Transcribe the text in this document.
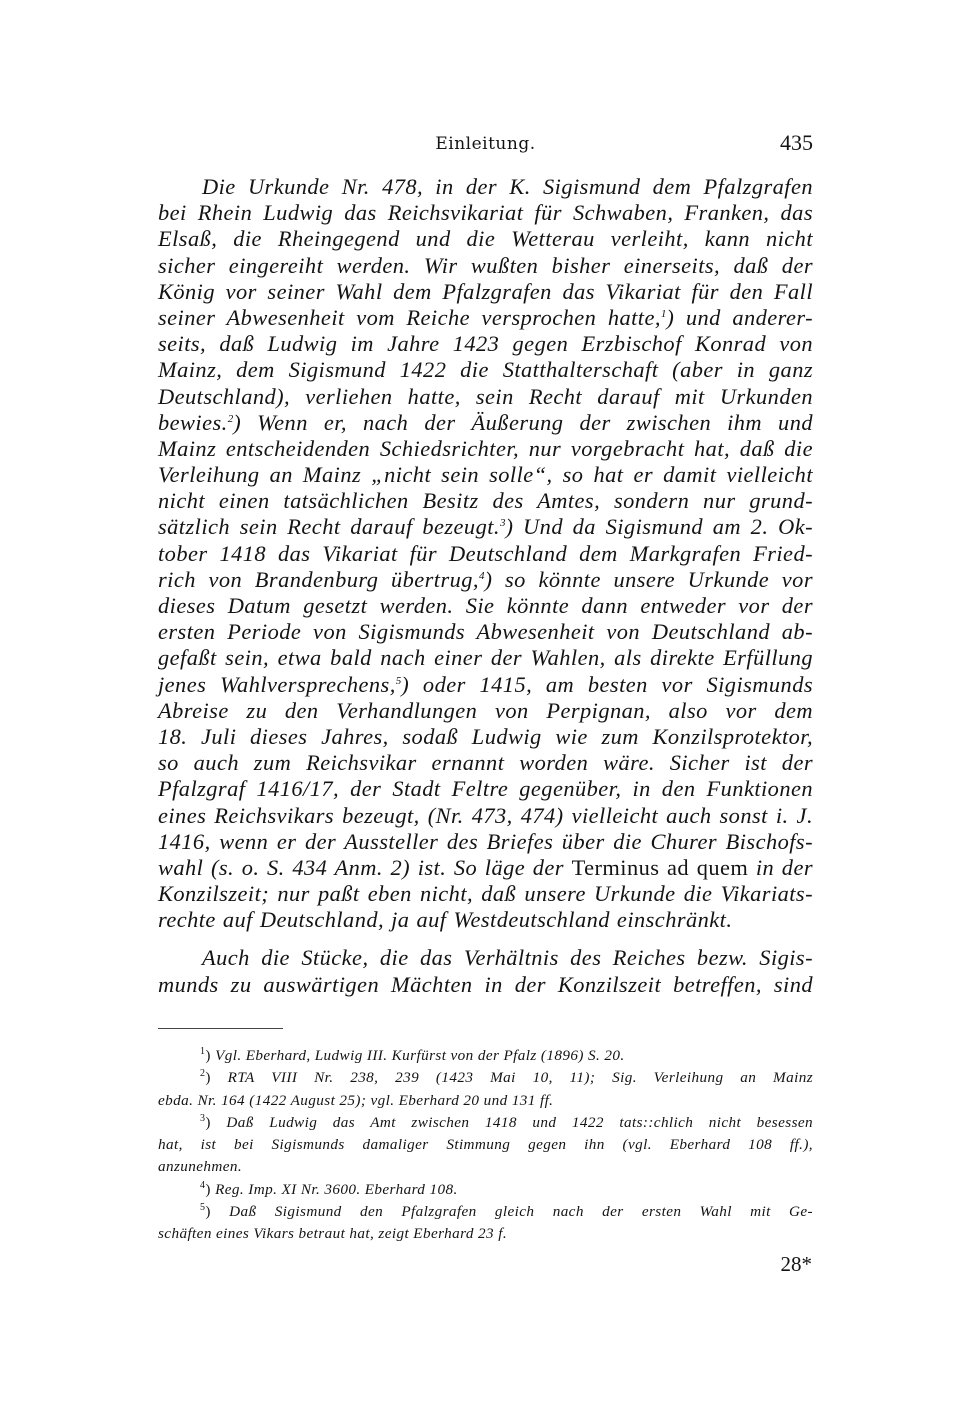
Einleitung.	435
Die Urkunde Nr. 478, in der K. Sigismund dem Pfalzgrafen
bei Rhein Ludwig das Reichsvikariat für Schwaben, Franken, das
Elsaß, die Rheingegend und die Wetterau verleiht, kann nicht
sicher eingereiht werden. Wir wußten bisher einerseits, daß der
König vor seiner Wahl dem Pfalzgrafen das Vikariat für den Fall
seiner Abwesenheit vom Reiche versprochen hatte,$^1$) und anderer-
seits, daß Ludwig im Jahre 1423 gegen Erzbischof Konrad von
Mainz, dem Sigismund 1422 die Statthalterschaft (aber in ganz
Deutschland), verliehen hatte, sein Recht darauf mit Urkunden
bewies.$^2$) Wenn er, nach der Äußerung der zwischen ihm und
Mainz entscheidenden Schiedsrichter, nur vorgebracht hat, daß die
Verleihung an Mainz „nicht sein solle“, so hat er damit vielleicht
nicht einen tatsächlichen Besitz des Amtes, sondern nur grund-
sätzlich sein Recht darauf bezeugt.$^3$) Und da Sigismund am 2. Ok-
tober 1418 das Vikariat für Deutschland dem Markgrafen Fried-
rich von Brandenburg übertrug,$^4$) so könnte unsere Urkunde vor
dieses Datum gesetzt werden. Sie könnte dann entweder vor der
ersten Periode von Sigismunds Abwesenheit von Deutschland ab-
gefaßt sein, etwa bald nach einer der Wahlen, als direkte Erfüllung
jenes Wahlversprechens,$^5$) oder 1415, am besten vor Sigismunds
Abreise zu den Verhandlungen von Perpignan, also vor dem
18. Juli dieses Jahres, sodaß Ludwig wie zum Konzilsprotektor,
so auch zum Reichsvikar ernannt worden wäre. Sicher ist der
Pfalzgraf 1416/17, der Stadt Feltre gegenüber, in den Funktionen
eines Reichsvikars bezeugt, (Nr. 473, 474) vielleicht auch sonst i. J.
1416, wenn er der Aussteller des Briefes über die Churer Bischofs-
wahl (s. o. S. 434 Anm. 2) ist. So läge der Terminus ad quem in der
Konzilszeit; nur paßt eben nicht, daß unsere Urkunde die Vikariats-
rechte auf Deutschland, ja auf Westdeutschland einschränkt.
Auch die Stücke, die das Verhältnis des Reiches bezw. Sigis-
munds zu auswärtigen Mächten in der Konzilszeit betreffen, sind
$^1$) Vgl. Eberhard, Ludwig III. Kurfürst von der Pfalz (1896) S. 20.
$^2$) RTA VIII Nr. 238, 239 (1423 Mai 10, 11); Sig. Verleihung an Mainz
ebda. Nr. 164 (1422 August 25); vgl. Eberhard 20 und 131 ff.
$^3$) Daß Ludwig das Amt zwischen 1418 und 1422 tats::chlich nicht besessen
hat, ist bei Sigismunds damaliger Stimmung gegen ihn (vgl. Eberhard 108 ff.),
anzunehmen.
$^4$) Reg. Imp. XI Nr. 3600. Eberhard 108.
$^5$) Daß Sigismund den Pfalzgrafen gleich nach der ersten Wahl mit Ge-
schäften eines Vikars betraut hat, zeigt Eberhard 23 f.
28*
